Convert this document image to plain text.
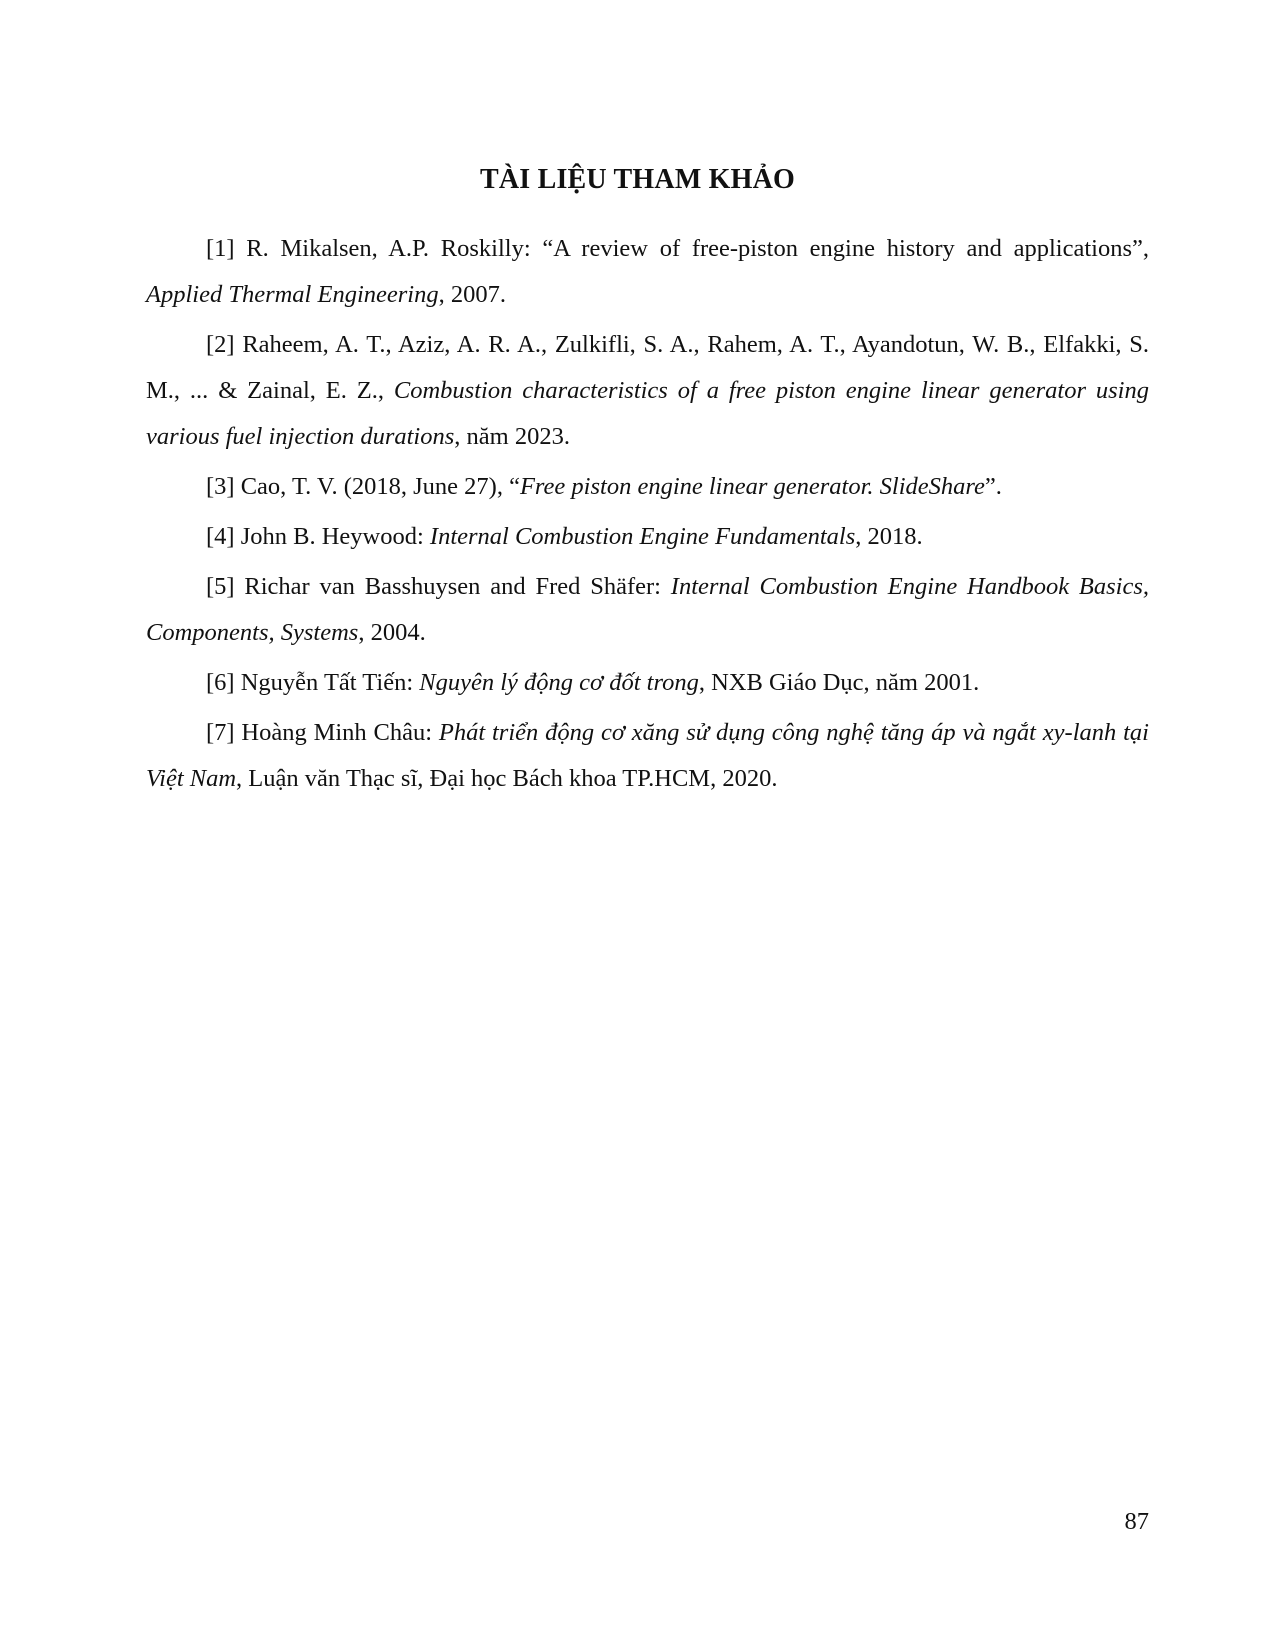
TÀI LIỆU THAM KHẢO

[1] R. Mikalsen, A.P. Roskilly: “A review of free-piston engine history and applications”, Applied Thermal Engineering, 2007.

[2] Raheem, A. T., Aziz, A. R. A., Zulkifli, S. A., Rahem, A. T., Ayandotun, W. B., Elfakki, S. M., ... & Zainal, E. Z., Combustion characteristics of a free piston engine linear generator using various fuel injection durations, năm 2023.

[3] Cao, T. V. (2018, June 27), “Free piston engine linear generator. SlideShare”.

[4] John B. Heywood: Internal Combustion Engine Fundamentals, 2018.

[5] Richar van Basshuysen and Fred Shäfer: Internal Combustion Engine Handbook Basics, Components, Systems, 2004.

[6] Nguyễn Tất Tiến: Nguyên lý động cơ đốt trong, NXB Giáo Dục, năm 2001.

[7] Hoàng Minh Châu: Phát triển động cơ xăng sử dụng công nghệ tăng áp và ngắt xy-lanh tại Việt Nam, Luận văn Thạc sĩ, Đại học Bách khoa TP.HCM, 2020.

87
